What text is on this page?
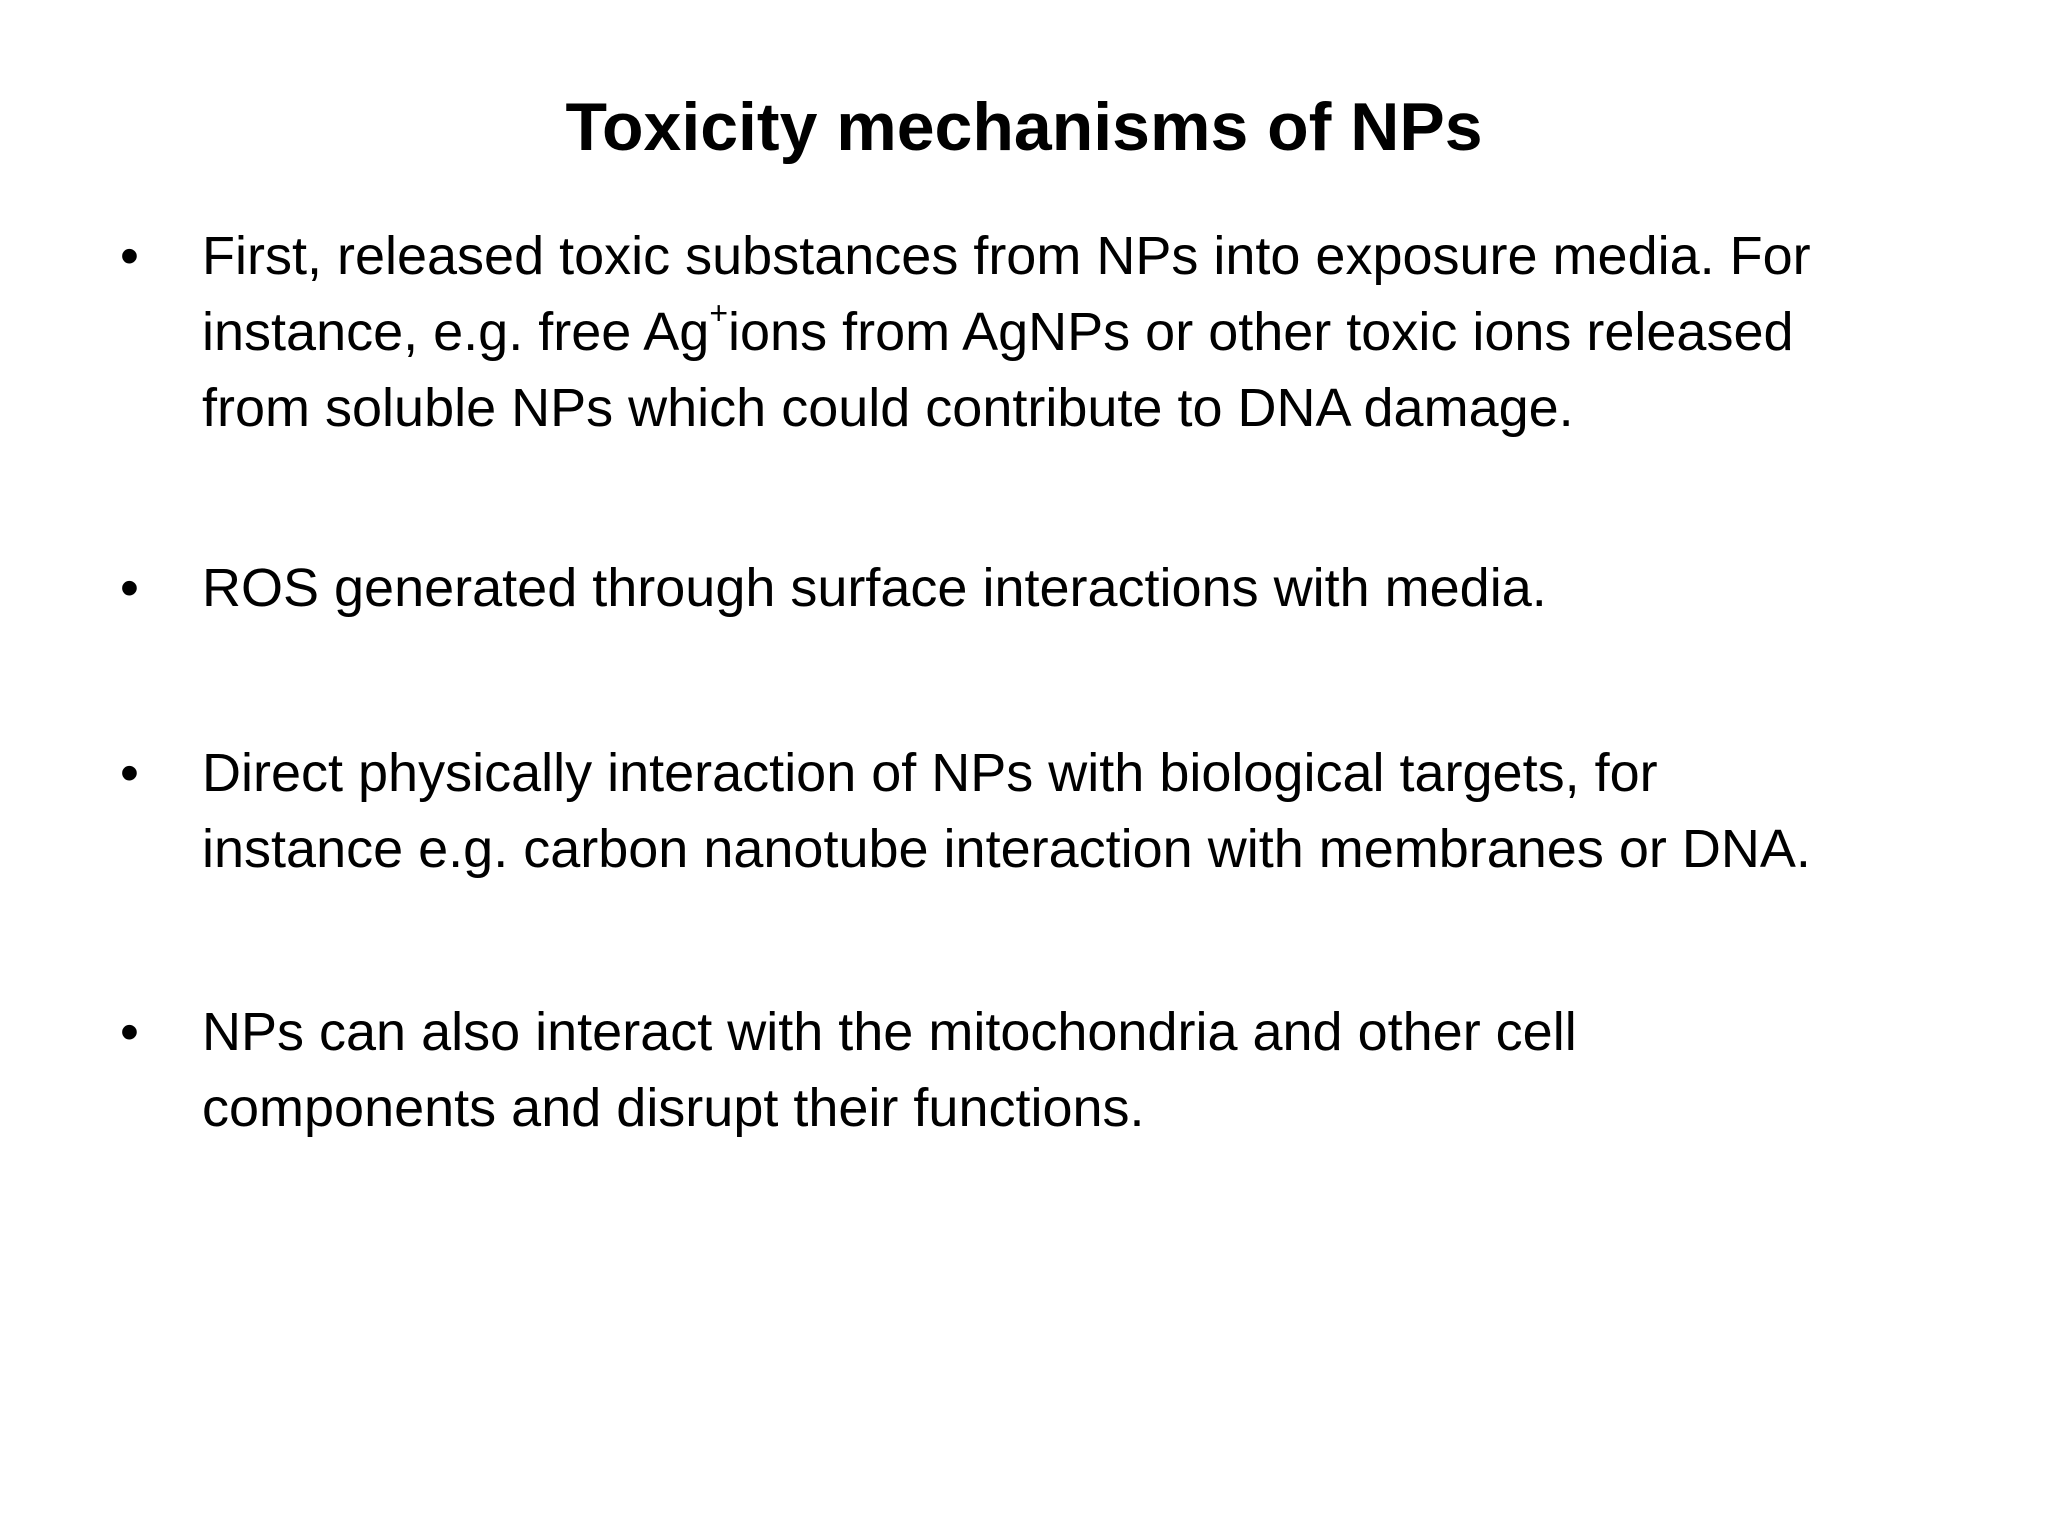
Toxicity mechanisms of NPs
• First, released toxic substances from NPs into exposure media. For
instance, e.g. free Ag+ions from AgNPs or other toxic ions released
from soluble NPs which could contribute to DNA damage.
• ROS generated through surface interactions with media.
• Direct physically interaction of NPs with biological targets, for
instance e.g. carbon nanotube interaction with membranes or DNA.
• NPs can also interact with the mitochondria and other cell
components and disrupt their functions.
